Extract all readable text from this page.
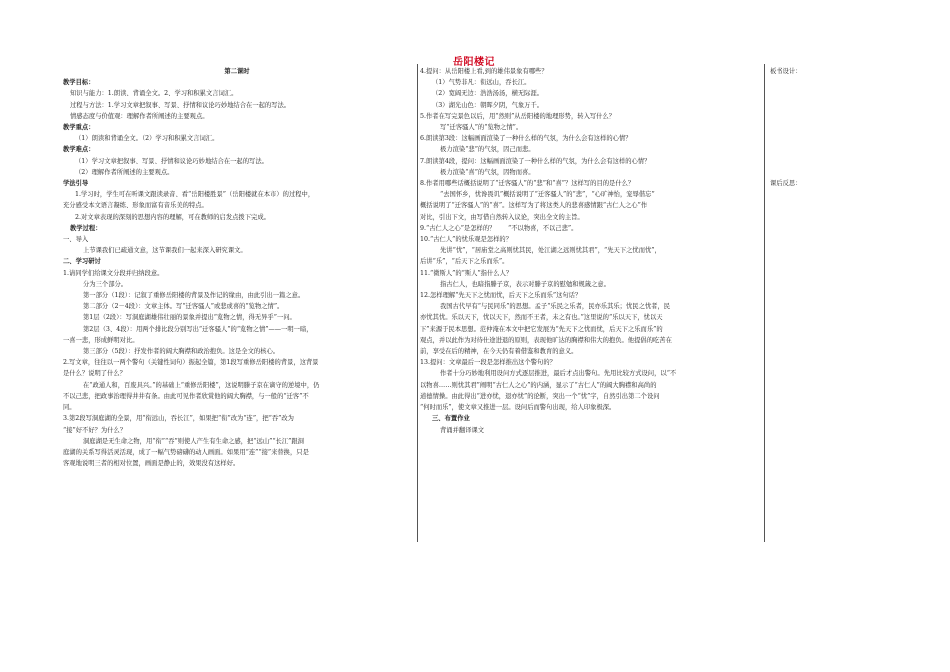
岳阳楼记

第二课时

教学目标：

知识与能力：1.朗读、背诵全文。2、学习和积累文言词汇。

过程与方法：1.学习文章把叙事、写景、抒情和议论巧妙地结合在一起的写法。

情感态度与价值观：理解作者所阐述的主要观点。

教学重点：

（1）朗读和背诵全文。（2）学习和积累文言词汇。

教学难点：

（1）学习文章把叙事、写景、抒情和议论巧妙地结合在一起的写法。

（2）理解作者所阐述的主要观点。

学法引导

1.学习时，学生可在听课文跟读录音、看“岳阳楼胜景”（岳阳楼就在本市）的过程中，

充分感受本文语言凝练、形象而富有音乐美的特点。

2.对文章表现的深刻的思想内容的理解，可在教师的启发点拨下完成。

教学过程：

一、导入

上节课我们已疏通文意，这节课我们一起来深入研究课文。

二、学习研讨

1.请同学们给课文分段并归纳段意。

分为三个部分。

第一部分（1段）：记叙了重修岳阳楼的背景及作记的缘由，由此引出一篇之意。

第二部分（2－4段）：文章主体。写“迁客骚人”或悲或喜的“览物之情”。

第1层（2段）：写洞庭湖雄伟壮丽的景象并提出“览物之情，得无异乎”一问。

第2层（3、4段）：用两个排比段分别写出“迁客骚人”的“览物之情”——一明一暗，

一喜一悲，形成鲜明对比。

第三部分（5段）：抒发作者的阔大胸襟和政治抱负。这是全文的核心。

2.写文章，往往以一两个警句（关键性词句）振起全篇，第1段写重修岳阳楼的背景，这背景

是什么？说明了什么？

在“政通人和，百废具兴。”的基础上“重修岳阳楼”，这说明滕子京在谪守的逆境中，仍

不以己悲，把政事治理得井井有条。由此可见作者欣赏他的阔大胸襟，与一般的“迁客”不

同。

3.第2段写洞庭湖的全景，用“衔远山，吞长江”，如果把“衔”改为“连”，把“吞”改为

“接”好不好？为什么？

洞庭湖是无生命之物，用“衔”“吞”则使人产生有生命之感，把“远山”“长江”跟洞

庭湖的关系写得活灵活现，成了一幅气势磅礴的动人画面。如果用“连”“接”来替换，只是

客观地说明三者的相对位置，画面是静止的，效果没有这样好。

4.提问：从岳阳楼上看,到的雄伟景象有哪些？

（1）气势非凡：衔远山，吞长江。

（2）宽阔无边：浩浩汤汤，横无际涯。

（3）湖光山色：朝晖夕阴，气象万千。

5.作者在写完景色以后，用“然则”从岳阳楼的地理形势，转入写什么？

写“迁客骚人”的“览物之情”。

6.朗读第3段：这幅画面渲染了一种什么样的气氛，为什么会有这样的心情？

极力渲染“悲”的气氛，因己而悲。

7.朗读第4段，提问：这幅画面渲染了一种什么样的气氛，为什么会有这样的心情？

极力渲染“喜”的气氛，因物而喜。

8.作者用哪些话概括说明了“迁客骚人”的“悲”和“喜”？这样写的目的是什么？

“去国怀乡，忧谗畏讥”概括说明了“迁客骚人”的“悲”，“心旷神怡，宠辱偕忘”

概括说明了“迁客骚人”的“喜”。这样写为了将这类人的悲喜感情跟“古仁人之心”作

对比，引出下文，由写借自然转入议论，突出全文的主旨。

9.“古仁人之心”是怎样的？　　“不以物喜，不以己悲”。

10.“古仁人”的忧乐观是怎样的？

先讲“忧”，“居庙堂之高则忧其民，处江湖之远则忧其君”，“先天下之忧而忧”，

后讲“乐”，“后天下之乐而乐”。

11.“微斯人”的“斯人”指什么人？

指古仁人，也暗指滕子京，表示对滕子京的慰勉和规箴之意。

12.怎样理解“先天下之忧而忧，后天下之乐而乐”这句话？

我国古代早有“与民同乐”的思想。孟子“乐民之乐者，民亦乐其乐；忧民之忧者，民

亦忧其忧。乐以天下，忧以天下，然而不王者，未之有也。”这里说的“乐以天下，忧以天

下”来源于民本思想。范仲淹在本文中把它发展为“先天下之忧而忧，后天下之乐而乐”的

观点，并以此作为对待仕途进退的原则，表现他旷达的胸襟和伟大的抱负。他提倡的吃苦在

前，享受在后的精神，在今天仍有着借鉴和教育的意义。

13.提问：文章最后一段是怎样推出这个警句的？

作者十分巧妙地利用设问方式逐层推进，最后才点出警句。先用比较方式设问，以“不

以物喜……则忧其君”阐明“古仁人之心”的内涵，显示了“古仁人”的阔大胸襟和高尚的

道德情操。由此得出“进亦忧，退亦忧”的论断，突出一个“忧”字，自然引出第二个设问

“何时而乐”，使文章又推进一层。设问后而警句出现，给人印象极深。

三、布置作业

背诵并翻译课文

板书设计：
课后反思：
